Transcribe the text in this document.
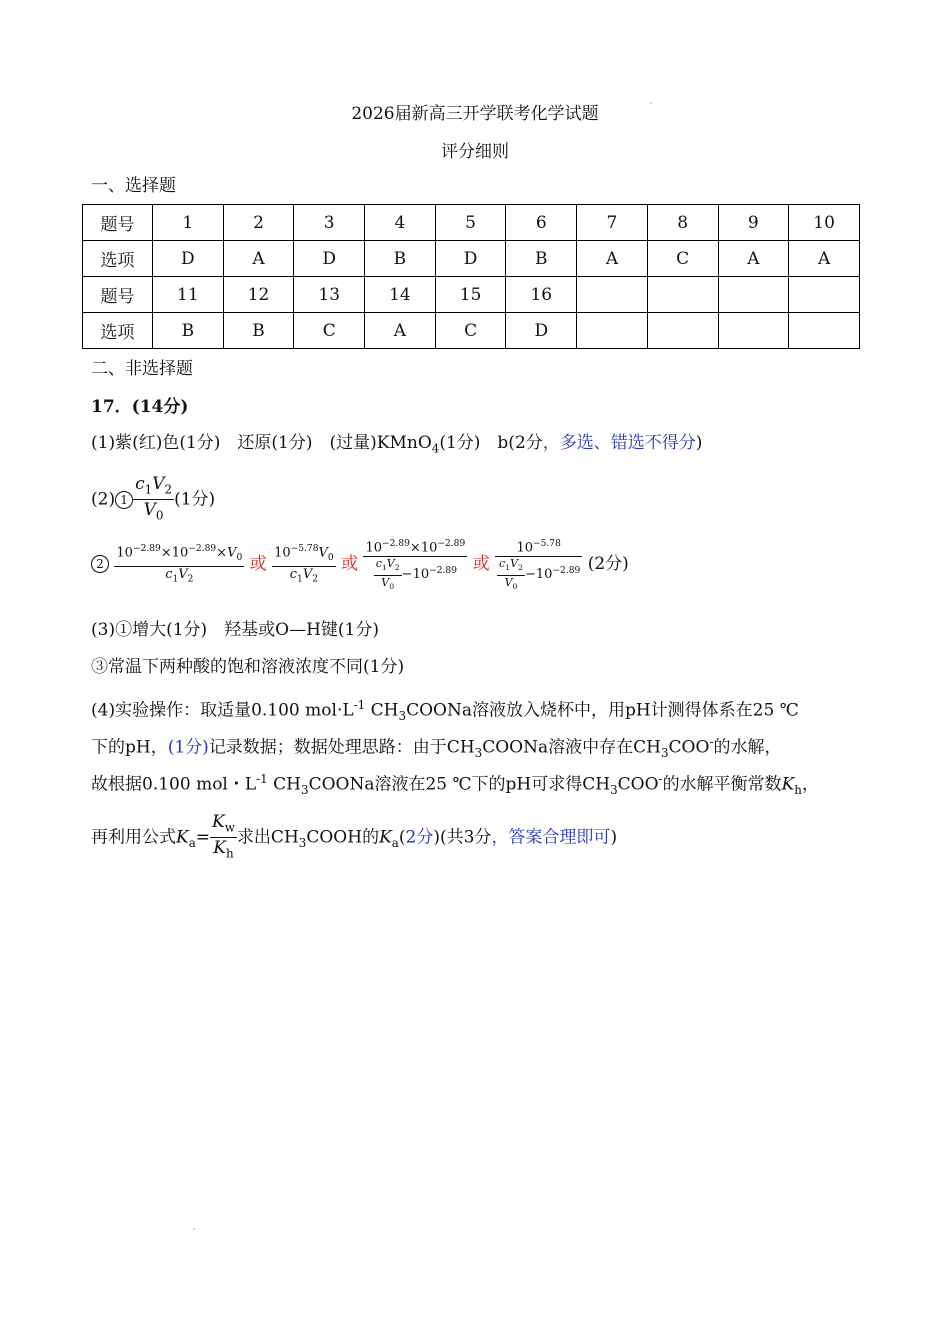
2026届新高三开学联考化学试题
评分细则
一、选择题
题号	1	2	3	4	5	6	7	8	9	10
选项	D	A	D	B	D	B	A	C	A	A
题号	11	12	13	14	15	16				
选项	B	B	C	A	C	D				
二、非选择题
17．(14分)
(1)紫(红)色(1分)　还原(1分)　(过量)KMnO$_4$(1分)　b(2分，多选、错选不得分)
(2) $1 \frac{c_1V_2}{V_0} (1$分)
$2 \frac{10^{-2.89}\times 10^{-2.89}\times V_0}{c_1V_2}$ 或 $\frac{10^{-5.78}V_0}{c_1V_2}$ 或 $\frac{10^{-2.89}\times 10^{-2.89}}{\frac{c_1V_2}{V_0} -10^{-2.89}}$ 或 $\frac{10^{-5.78}}{\frac{c_1V_2}{V_0} -10^{-2.89}} (2$分)
(3)①增大(1分)　羟基或O—H键(1分)
③常温下两种酸的饱和溶液浓度不同(1分)
(4)实验操作：取适量0.100 $mol\cdot L^{-1}$ $CH_3COONa$溶液放入烧杯中，用pH计测得体系在25 ℃
下的pH，(1分)记录数据；数据处理思路：由于$CH_3COONa$溶液中存在$CH_3COO^-$的水解，
故根据0.100 mol・$L^{-1}$ $CH_3COONa$溶液在25 ℃下的pH可求得$CH_3COO^-$的水解平衡常数$K_h$，
再利用公式$K_a= \frac{K_w}{K_h}$ 求出$CH_3COOH$的$K_a(2$分)(共3分，答案合理即可)
